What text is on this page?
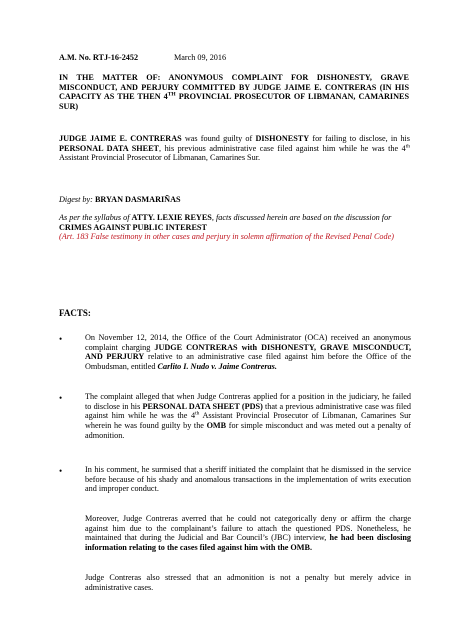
A.M. No. RTJ-16-2452	March 09, 2016
IN THE MATTER OF: ANONYMOUS COMPLAINT FOR DISHONESTY, GRAVE MISCONDUCT, AND PERJURY COMMITTED BY JUDGE JAIME E. CONTRERAS (IN HIS CAPACITY AS THE THEN 4TH PROVINCIAL PROSECUTOR OF LIBMANAN, CAMARINES SUR)
JUDGE JAIME E. CONTRERAS was found guilty of DISHONESTY for failing to disclose, in his PERSONAL DATA SHEET, his previous administrative case filed against him while he was the 4th Assistant Provincial Prosecutor of Libmanan, Camarines Sur.
Digest by: BRYAN DASMARIÑAS
As per the syllabus of ATTY. LEXIE REYES, facts discussed herein are based on the discussion for CRIMES AGAINST PUBLIC INTEREST
(Art. 183 False testimony in other cases and perjury in solemn affirmation of the Revised Penal Code)
FACTS:
•	On November 12, 2014, the Office of the Court Administrator (OCA) received an anonymous complaint charging JUDGE CONTRERAS with DISHONESTY, GRAVE MISCONDUCT, AND PERJURY relative to an administrative case filed against him before the Office of the Ombudsman, entitled Carlito I. Nudo v. Jaime Contreras.
•	The complaint alleged that when Judge Contreras applied for a position in the judiciary, he failed to disclose in his PERSONAL DATA SHEET (PDS) that a previous administrative case was filed against him while he was the 4th Assistant Provincial Prosecutor of Libmanan, Camarines Sur wherein he was found guilty by the OMB for simple misconduct and was meted out a penalty of admonition.
•	In his comment, he surmised that a sheriff initiated the complaint that he dismissed in the service before because of his shady and anomalous transactions in the implementation of writs execution and improper conduct.
Moreover, Judge Contreras averred that he could not categorically deny or affirm the charge against him due to the complainant’s failure to attach the questioned PDS. Nonetheless, he maintained that during the Judicial and Bar Council’s (JBC) interview, he had been disclosing information relating to the cases filed against him with the OMB.
Judge Contreras also stressed that an admonition is not a penalty but merely advice in administrative cases.
